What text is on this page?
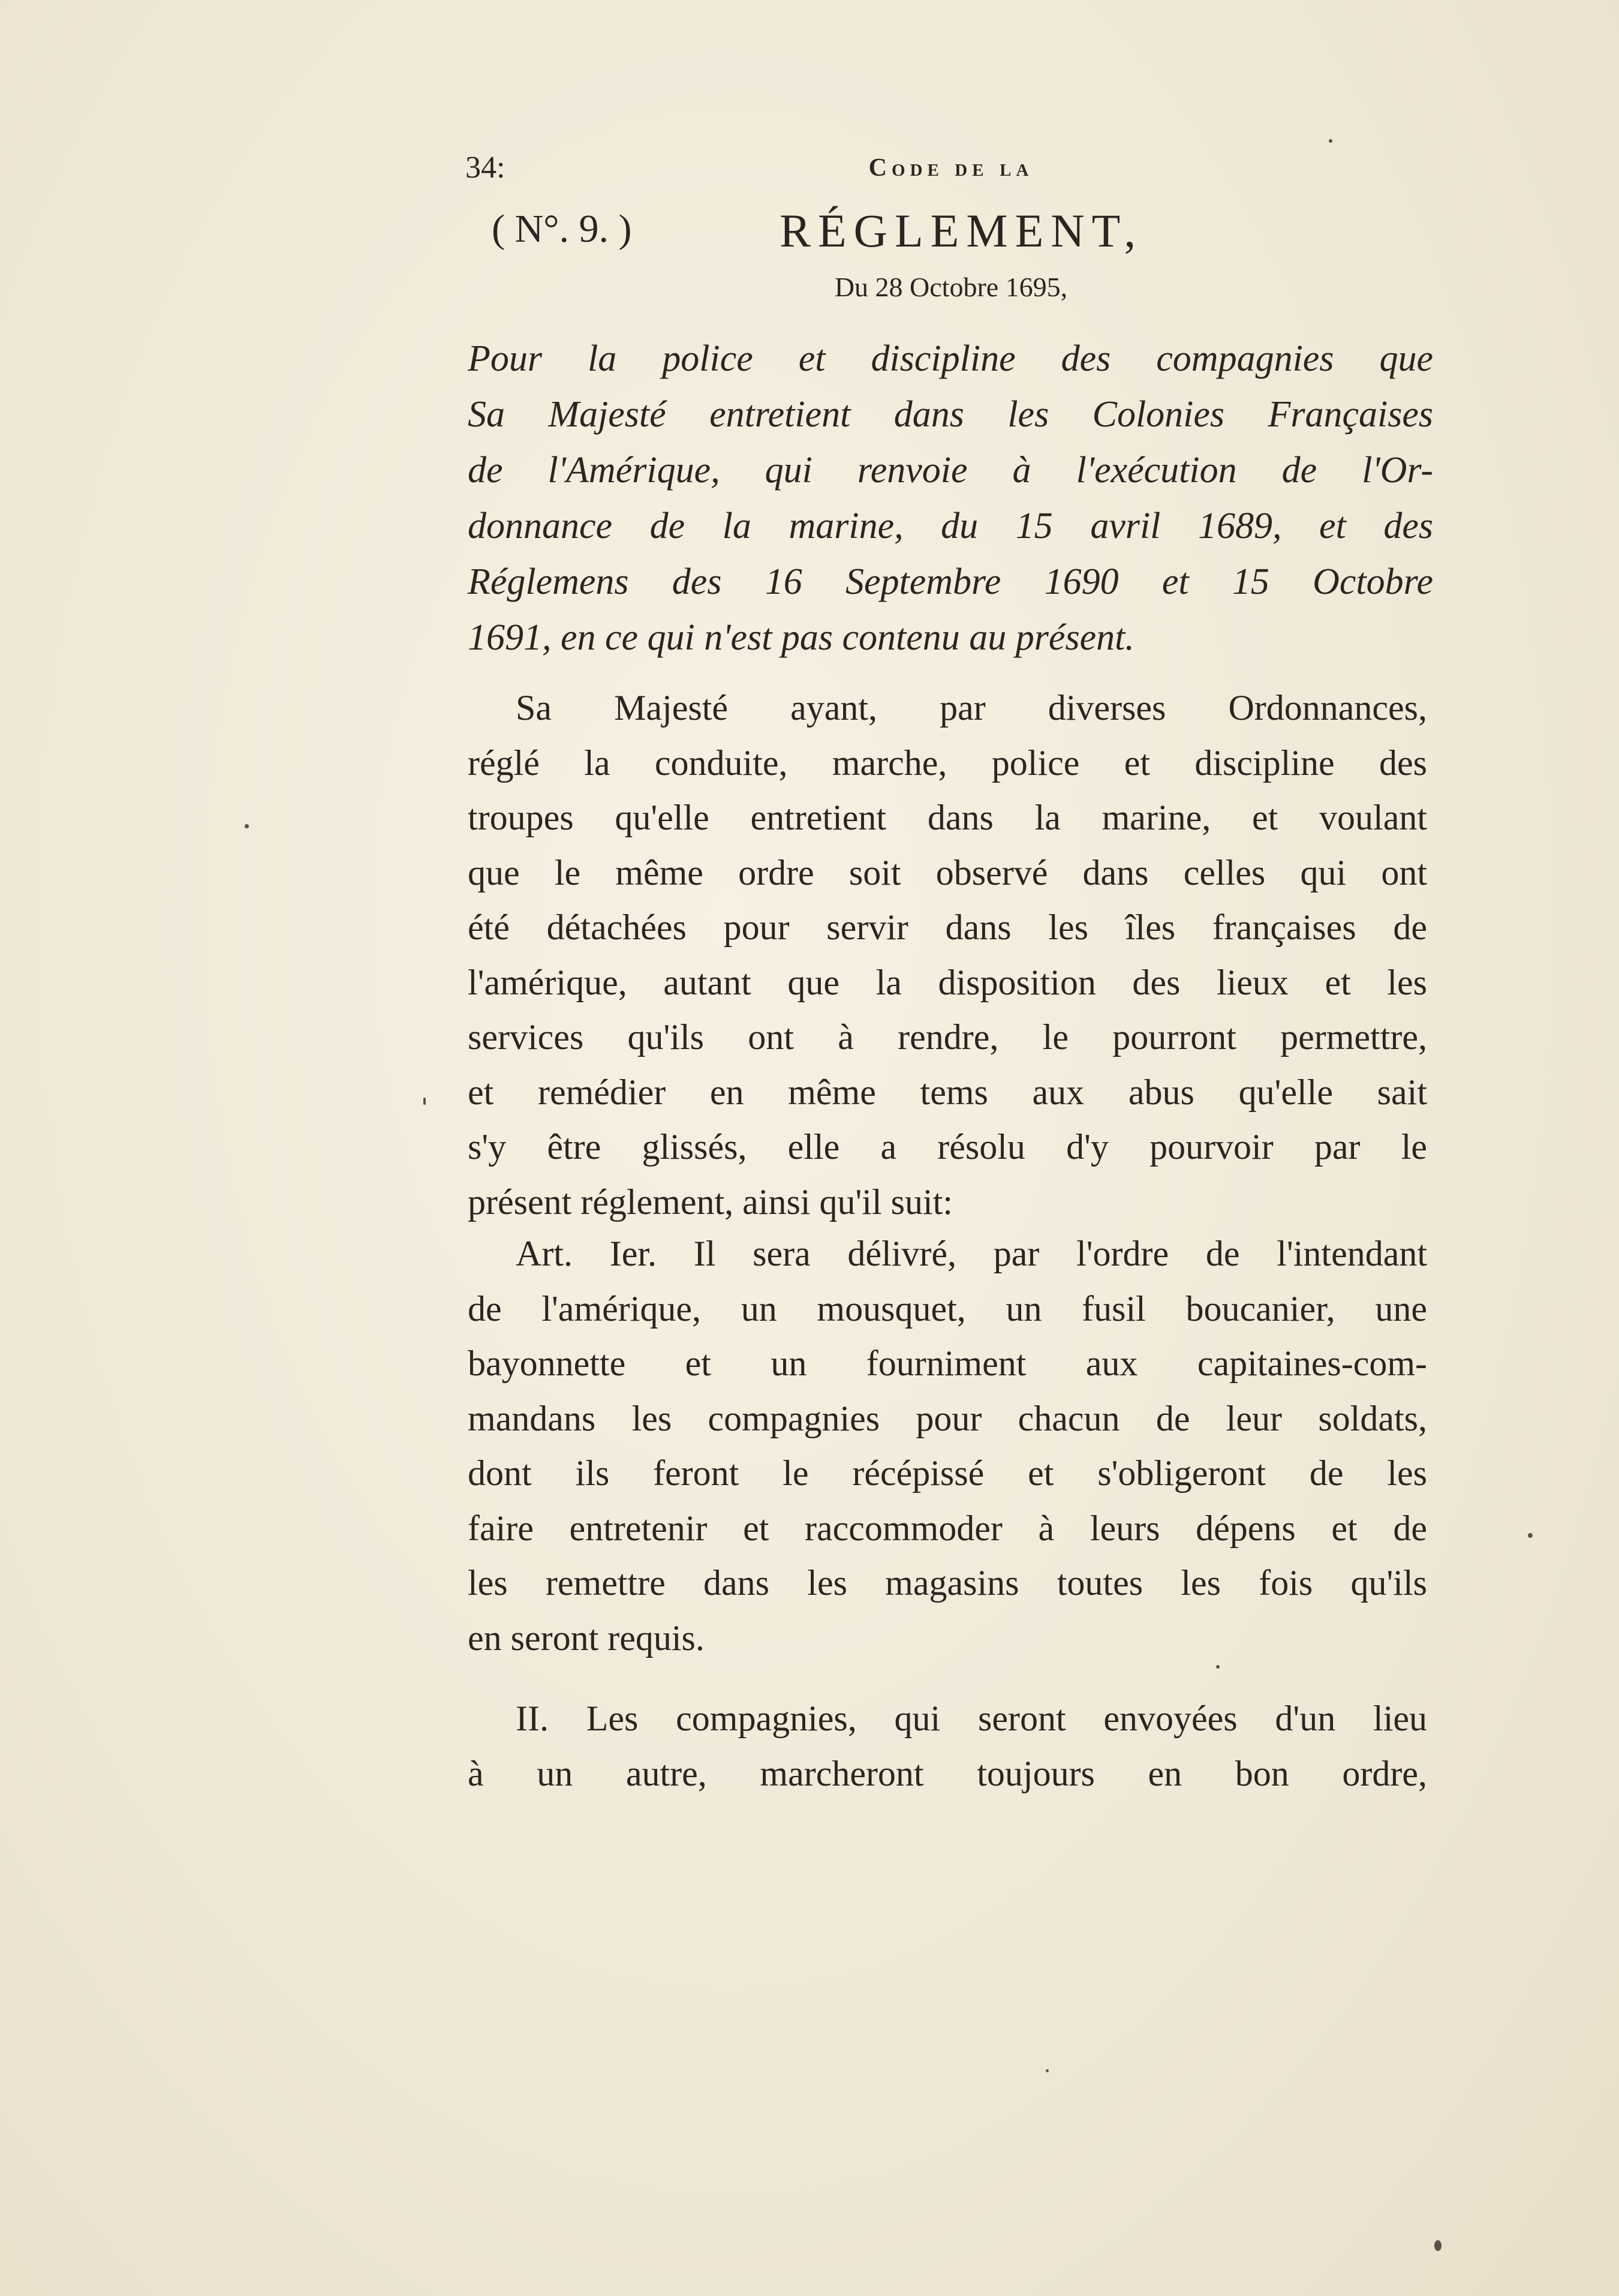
34:	Code de la
( N°. 9. )	RÉGLEMENT,
Du 28 Octobre 1695,
Pour la police et discipline des compagnies que
Sa Majesté entretient dans les Colonies Françaises
de l'Amérique, qui renvoie à l'exécution de l'Or-
donnance de la marine, du 15 avril 1689, et des
Réglemens des 16 Septembre 1690 et 15 Octobre
1691, en ce qui n'est pas contenu au présent.
Sa Majesté ayant, par diverses Ordonnances,
réglé la conduite, marche, police et discipline des
troupes qu'elle entretient dans la marine, et voulant
que le même ordre soit observé dans celles qui ont
été détachées pour servir dans les îles françaises de
l'amérique, autant que la disposition des lieux et les
services qu'ils ont à rendre, le pourront permettre,
et remédier en même tems aux abus qu'elle sait
s'y être glissés, elle a résolu d'y pourvoir par le
présent réglement, ainsi qu'il suit:
Art. Ier. Il sera délivré, par l'ordre de l'intendant
de l'amérique, un mousquet, un fusil boucanier, une
bayonnette et un fourniment aux capitaines-com-
mandans les compagnies pour chacun de leur soldats,
dont ils feront le récépissé et s'obligeront de les
faire entretenir et raccommoder à leurs dépens et de
les remettre dans les magasins toutes les fois qu'ils
en seront requis.
II. Les compagnies, qui seront envoyées d'un lieu
à un autre, marcheront toujours en bon ordre,
